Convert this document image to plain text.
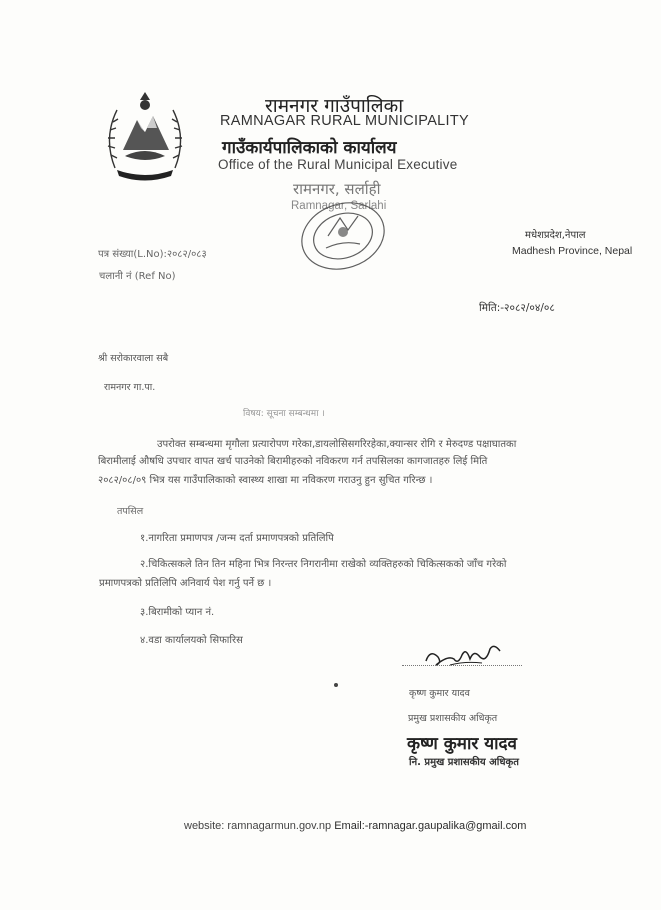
रामनगर गाउँपालिका
RAMNAGAR RURAL MUNICIPALITY
गाउँकार्यपालिकाको कार्यालय
Office of the Rural Municipal Executive
रामनगर, सर्लाही
Ramnagar, Sarlahi
मधेशप्रदेश,नेपाल
Madhesh Province, Nepal
पत्र संख्या(L.No):२०८२/०८३
चलानी नं (Ref No)
मिति:-२०८२/०४/०८
श्री सरोकारवाला सबै
रामनगर गा.पा.
विषय: सूचना सम्बन्धमा ।
उपरोक्त सम्बन्धमा मृगौला प्रत्यारोपण गरेका,डायलोसिसगरिरहेका,क्यान्सर रोगि र मेरुदण्ड पक्षाघातका
बिरामीलाई औषधि उपचार वापत खर्च पाउनेको बिरामीहरुको नविकरण गर्न तपसिलका कागजातहरु लिई मिति
२०८२/०८/०९ भित्र यस गाउँपालिकाको स्वास्थ्य शाखा मा नविकरण गराउनु हुन सुचित गरिन्छ ।
तपसिल
१.नागरिता प्रमाणपत्र /जन्म दर्ता प्रमाणपत्रको प्रतिलिपि
२.चिकित्सकले तिन तिन महिना भित्र निरन्तर निगरानीमा राखेको व्यक्तिहरुको चिकित्सकको जाँच गरेको
प्रमाणपत्रको प्रतिलिपि अनिवार्य पेश गर्नु पर्ने छ ।
३.बिरामीको प्यान नं.
४.वडा कार्यालयको सिफारिस
कृष्ण कुमार यादव
प्रमुख प्रशासकीय अधिकृत
कृष्ण कुमार यादव
नि. प्रमुख प्रशासकीय अधिकृत
website: ramnagarmun.gov.np Email:-ramnagar.gaupalika@gmail.com
